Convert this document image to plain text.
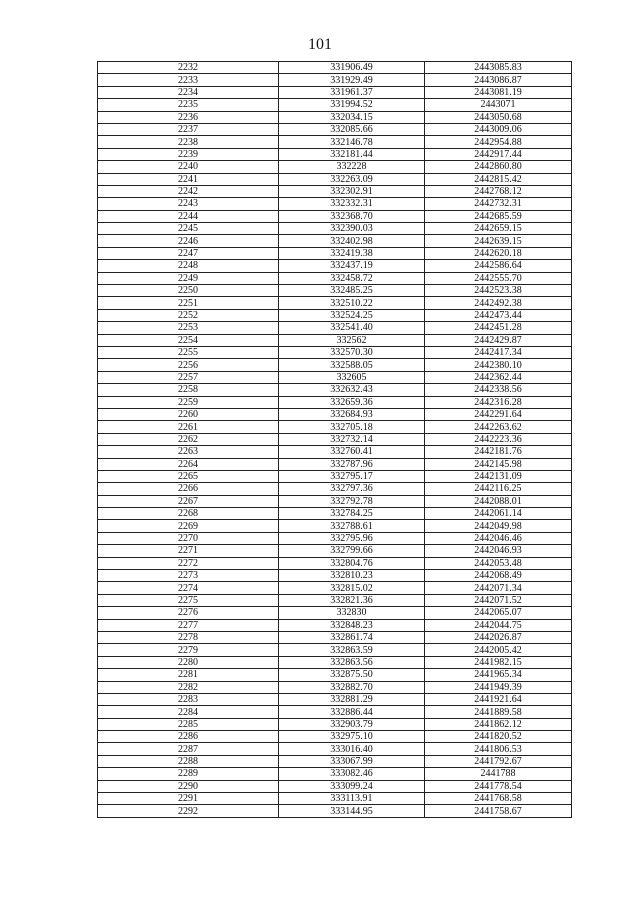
101
2232	331906.49	2443085.83
2233	331929.49	2443086.87
2234	331961.37	2443081.19
2235	331994.52	2443071
2236	332034.15	2443050.68
2237	332085.66	2443009.06
2238	332146.78	2442954.88
2239	332181.44	2442917.44
2240	332228	2442860.80
2241	332263.09	2442815.42
2242	332302.91	2442768.12
2243	332332.31	2442732.31
2244	332368.70	2442685.59
2245	332390.03	2442659.15
2246	332402.98	2442639.15
2247	332419.38	2442620.18
2248	332437.19	2442586.64
2249	332458.72	2442555.70
2250	332485.25	2442523.38
2251	332510.22	2442492.38
2252	332524.25	2442473.44
2253	332541.40	2442451.28
2254	332562	2442429.87
2255	332570.30	2442417.34
2256	332588.05	2442380.10
2257	332605	2442362.44
2258	332632.43	2442338.56
2259	332659.36	2442316.28
2260	332684.93	2442291.64
2261	332705.18	2442263.62
2262	332732.14	2442223.36
2263	332760.41	2442181.76
2264	332787.96	2442145.98
2265	332795.17	2442131.09
2266	332797.36	2442116.25
2267	332792.78	2442088.01
2268	332784.25	2442061.14
2269	332788.61	2442049.98
2270	332795.96	2442046.46
2271	332799.66	2442046.93
2272	332804.76	2442053.48
2273	332810.23	2442068.49
2274	332815.02	2442071.34
2275	332821.36	2442071.52
2276	332830	2442065.07
2277	332848.23	2442044.75
2278	332861.74	2442026.87
2279	332863.59	2442005.42
2280	332863.56	2441982.15
2281	332875.50	2441965.34
2282	332882.70	2441949.39
2283	332881.29	2441921.64
2284	332886.44	2441889.58
2285	332903.79	2441862.12
2286	332975.10	2441820.52
2287	333016.40	2441806.53
2288	333067.99	2441792.67
2289	333082.46	2441788
2290	333099.24	2441778.54
2291	333113.91	2441768.58
2292	333144.95	2441758.67
